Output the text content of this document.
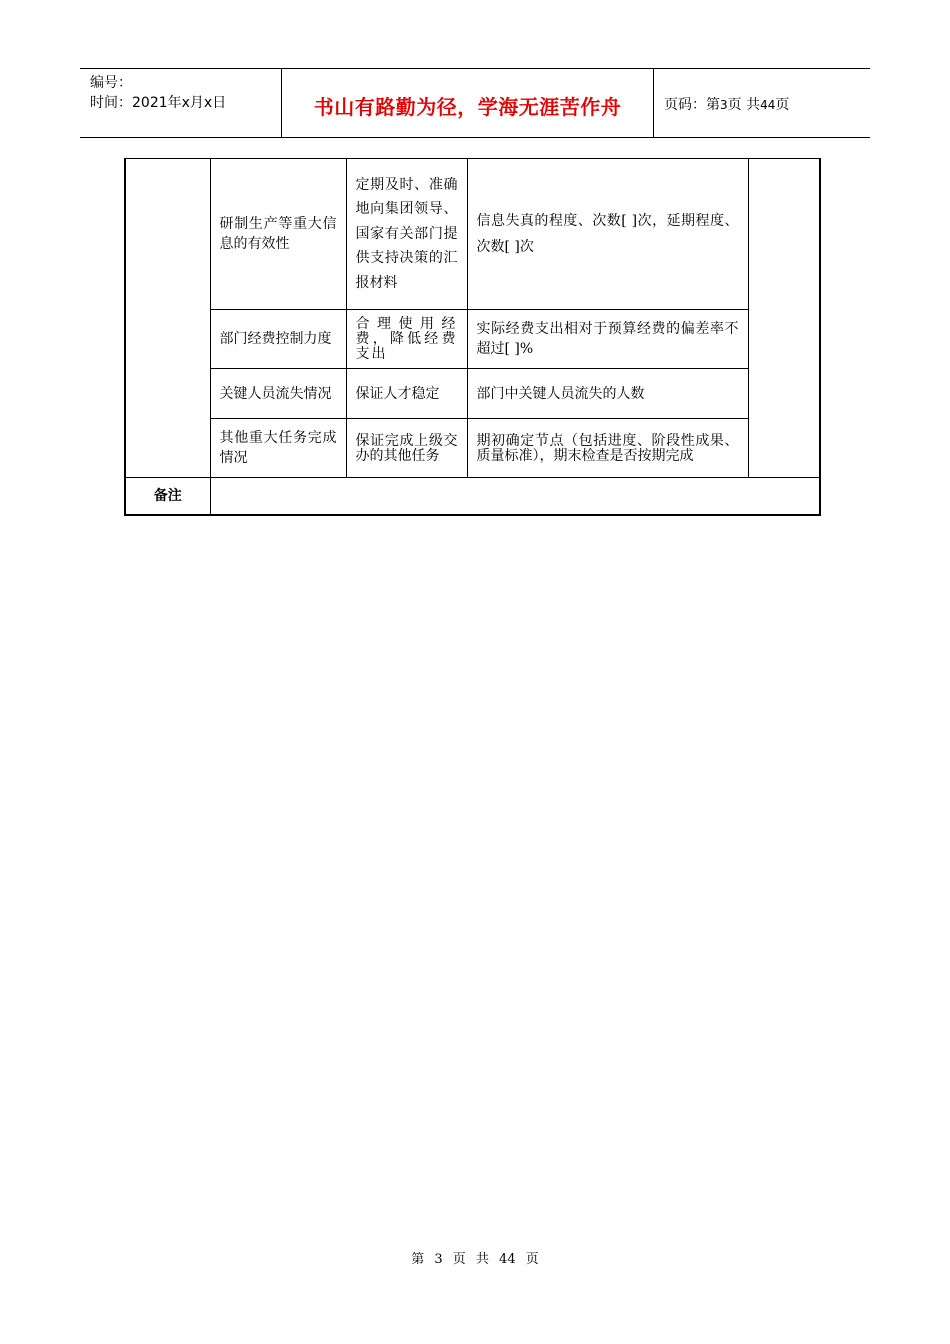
编号：
时间：2021年x月x日	书山有路勤为径，学海无涯苦作舟	页码：第3页 共44页
	研制生产等重大信息的有效性	定期及时、准确地向集团领导、国家有关部门提供支持决策的汇报材料	信息失真的程度、次数[ ]次，延期程度、次数[ ]次	
	部门经费控制力度	合理使用经费，降低经费支出	实际经费支出相对于预算经费的偏差率不超过[ ]%	
	关键人员流失情况	保证人才稳定	部门中关键人员流失的人数	
	其他重大任务完成情况	保证完成上级交办的其他任务	期初确定节点（包括进度、阶段性成果、质量标准），期末检查是否按期完成	
备注				
第 3 页 共 44 页
